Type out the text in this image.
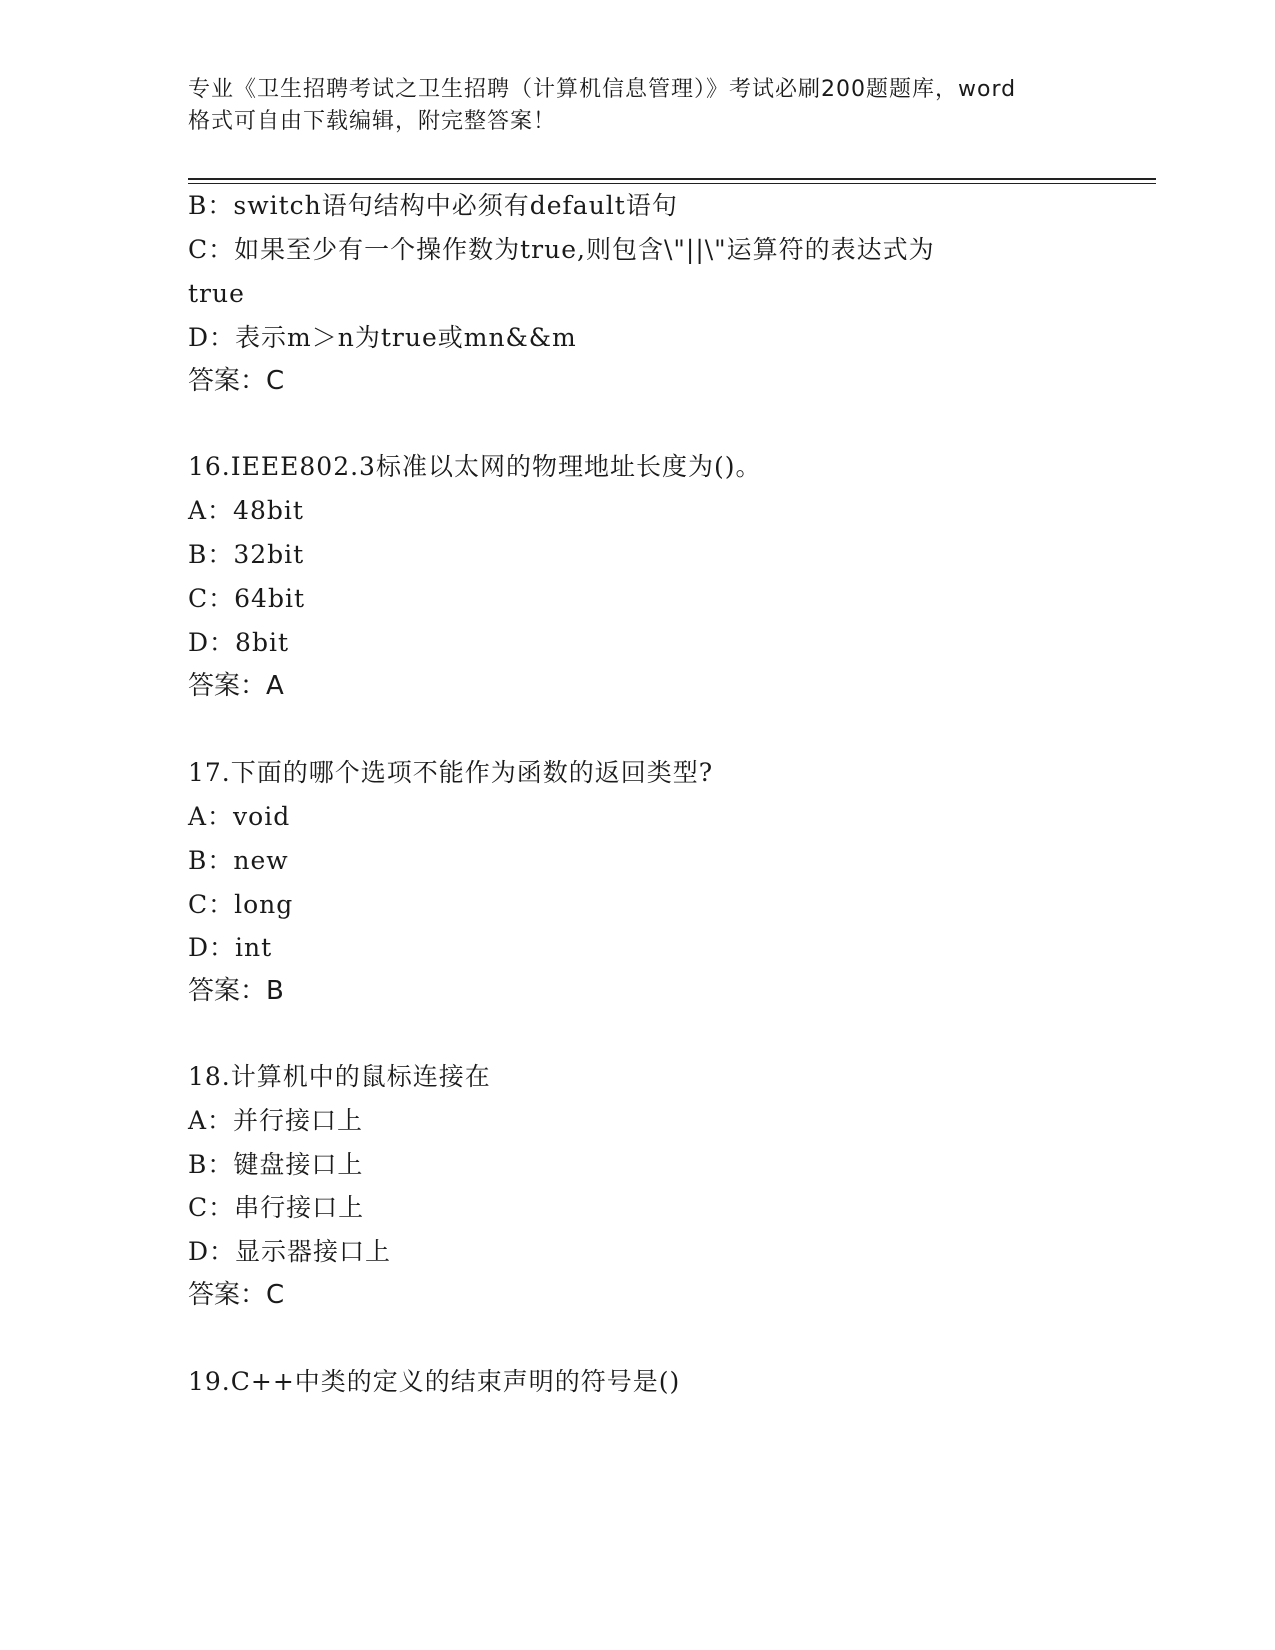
专业《卫生招聘考试之卫生招聘（计算机信息管理）》考试必刷200题题库，word
格式可自由下载编辑，附完整答案！
B：switch语句结构中必须有default语句
C：如果至少有一个操作数为true,则包含\"||\"运算符的表达式为
true
D：表示m＞n为true或mn&&m
答案：C
16.IEEE802.3标准以太网的物理地址长度为()。
A：48bit
B：32bit
C：64bit
D：8bit
答案：A
17.下面的哪个选项不能作为函数的返回类型?
A：void
B：new
C：long
D：int
答案：B
18.计算机中的鼠标连接在
A：并行接口上
B：键盘接口上
C：串行接口上
D：显示器接口上
答案：C
19.C++中类的定义的结束声明的符号是()
